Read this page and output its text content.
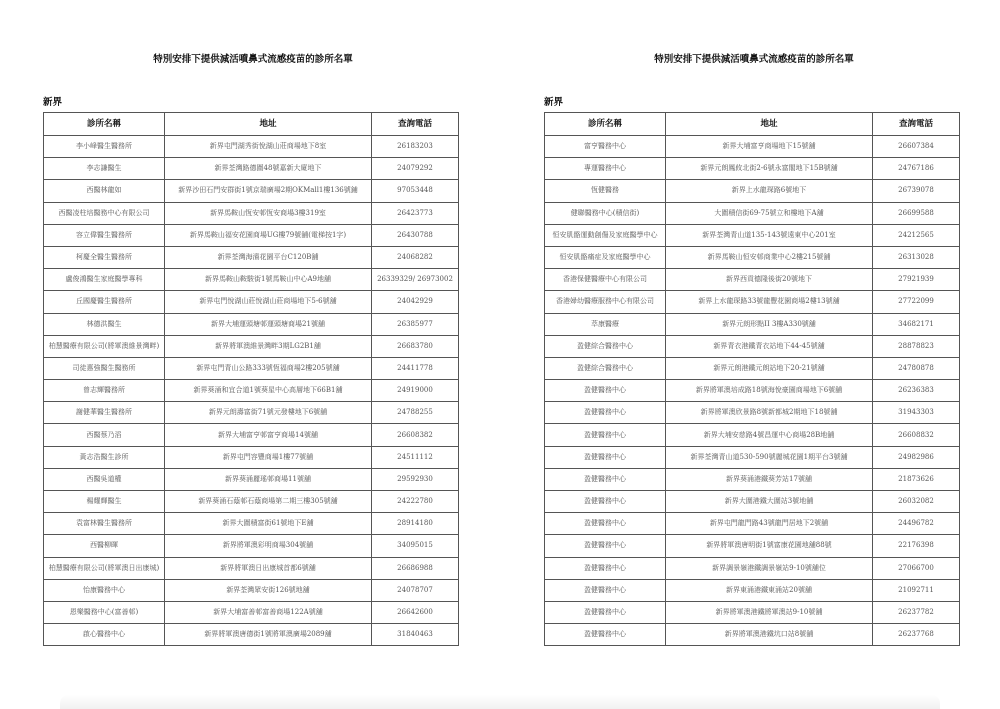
特別安排下提供減活噴鼻式流感疫苗的診所名單
新界
診所名稱	地址	查詢電話
李小峰醫生醫務所	新界屯門湖秀街悅湖山莊商場地下8室	26183203
李志謙醫生	新界荃灣路德圍48號嘉新大廈地下	24079292
西醫林龍如	新界沙田石門安群街1號京瑞廣場2期OKMall1樓136號鋪	97053448
西醫凌柱培醫務中心有限公司	新界馬鞍山恆安邨恆安商場3樓319室	26423773
容立偉醫生醫務所	新界馬鞍山福安花園商場UG樓79號舖(電梯按1字)	26430788
柯慶全醫生醫務所	新界荃灣海濱花園平台C120B舖	24068282
盧俊鴻醫生家庭醫學專科	新界馬鞍山鞍駿街1號馬鞍山中心A9地舖	26339329/ 26973002
丘國慶醫生醫務所	新界屯門悅湖山莊悅湖山莊商場地下5-6號舖	24042929
林德洪醫生	新界大埔運頭塘邨運頭塘商場21號舖	26385977
柏慧醫療有限公司(將軍澳維景灣畔)	新界將軍澳維景灣畔3期LG2B1舖	26683780
司徒惠強醫生醫務所	新界屯門青山公路333號恆福商場2樓205號舖	24411778
曾志輝醫務所	新界葵涌和宜合道1號葵星中心高層地下66B1舖	24919000
謝健華醫生醫務所	新界元朗壽富街71號元發樓地下6號舖	24788255
西醫蔡乃滔	新界大埔富亨邨富亨商場14號舖	26608382
黃志浩醫生診所	新界屯門容豐商場1樓77號舖	24511112
西醫吳道權	新界葵涌麗瑤邨商場11號舖	29592930
楊耀輝醫生	新界葵涌石蔭邨石蔭商場第二期三樓305號舖	24222780
袁富林醫生醫務所	新界大圍積富街61號地下E舖	28914180
西醫柳暉	新界將軍澳彩明商場304號舖	34095015
柏慧醫療有限公司(將軍澳日出康城)	新界將軍澳日出康城首都6號舖	26686988
怡康醫務中心	新界荃灣眾安街126號地舖	24078707
恩樂醫務中心(富善邨)	新界大埔富善邨富善商場122A號舖	26642600
啟心醫務中心	新界將軍澳唐德街1號將軍澳廣場2089舖	31840463
特別安排下提供減活噴鼻式流感疫苗的診所名單
新界
診所名稱	地址	查詢電話
富亨醫務中心	新界大埔富亨商場地下15號舖	26607384
專運醫務中心	新界元朗鳳攸北街2-6號永富閣地下15B號舖	24767186
恆健醫務	新界上水龍琛路6號地下	26739078
健聯醫務中心(積信街)	大圍積信街69-75號立和樓地下A舖	26699588
恒安肌骼運動創傷及家庭醫學中心	新界荃灣青山道135-143號遠東中心201室	24212565
恒安肌骼痛症及家庭醫學中心	新界馬鞍山恒安邨商業中心2樓215號舖	26313028
香港保健醫療中心有限公司	新界西貢德隆後街20號地下	27921939
香港婦幼醫療服務中心有限公司	新界上水龍琛路33號龍豐花園商場2樓13號舖	27722099
萃康醫療	新界元朗形點II 3樓A330號舖	34682171
盈健綜合醫務中心	新界青衣港鐵青衣站地下44-45號舖	28878823
盈健綜合醫務中心	新界元朗港鐵元朗站地下20-21號舖	24780878
盈健醫務中心	新界將軍澳培成路18號海悅豪園商場地下6號舖	26236383
盈健醫務中心	新界將軍澳欣景路8號新都城2期地下18號舖	31943303
盈健醫務中心	新界大埔安慈路4號昌運中心商場28B地舖	26608832
盈健醫務中心	新界荃灣青山道530-590號麗城花園1期平台3號舖	24982986
盈健醫務中心	新界葵涌港鐵葵芳站17號舖	21873626
盈健醫務中心	新界大圍港鐵大圍站3號地舖	26032082
盈健醫務中心	新界屯門龍門路43號龍門居地下2號舖	24496782
盈健醫務中心	新界將軍澳唐明街1號富康花園地舖88號	22176398
盈健醫務中心	新界調景嶺港鐵調景嶺站9-10號舖位	27066700
盈健醫務中心	新界東涌港鐵東涌站20號舖	21092711
盈健醫務中心	新界將軍澳港鐵將軍澳站9-10號舖	26237782
盈健醫務中心	新界將軍澳港鐵坑口站8號舖	26237768
